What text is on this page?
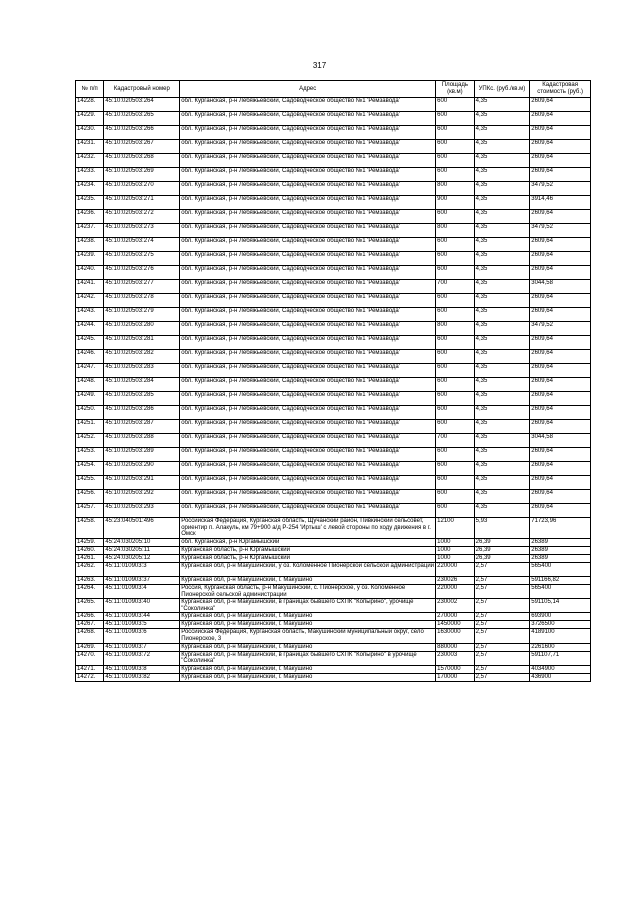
317
№ п/п	Кадастровый номер	Адрес	Площадь (кв.м)	УПКс. (руб./кв.м)	Кадастровая стоимость (руб.)
14228.	45:10:020503:264	обл. Курганская, р-н Лебяжьевский, Садоводческое общество №1 'Ремзавода'	600	4,35	2609,64
14229.	45:10:020503:265	обл. Курганская, р-н Лебяжьевский, Садоводческое общество №1 'Ремзавода'	600	4,35	2609,64
14230.	45:10:020503:266	обл. Курганская, р-н Лебяжьевский, Садоводческое общество №1 'Ремзавода'	600	4,35	2609,64
14231.	45:10:020503:267	обл. Курганская, р-н Лебяжьевский, Садоводческое общество №1 'Ремзавода'	600	4,35	2609,64
14232.	45:10:020503:268	обл. Курганская, р-н Лебяжьевский, Садоводческое общество №1 'Ремзавода'	600	4,35	2609,64
14233.	45:10:020503:269	обл. Курганская, р-н Лебяжьевский, Садоводческое общество №1 'Ремзавода'	600	4,35	2609,64
14234.	45:10:020503:270	обл. Курганская, р-н Лебяжьевский, Садоводческое общество №1 'Ремзавода'	800	4,35	3479,52
14235.	45:10:020503:271	обл. Курганская, р-н Лебяжьевский, Садоводческое общество №1 'Ремзавода'	900	4,35	3914,46
14236.	45:10:020503:272	обл. Курганская, р-н Лебяжьевский, Садоводческое общество №1 'Ремзавода'	600	4,35	2609,64
14237.	45:10:020503:273	обл. Курганская, р-н Лебяжьевский, Садоводческое общество №1 'Ремзавода'	800	4,35	3479,52
14238.	45:10:020503:274	обл. Курганская, р-н Лебяжьевский, Садоводческое общество №1 'Ремзавода'	600	4,35	2609,64
14239.	45:10:020503:275	обл. Курганская, р-н Лебяжьевский, Садоводческое общество №1 'Ремзавода'	600	4,35	2609,64
14240.	45:10:020503:276	обл. Курганская, р-н Лебяжьевский, Садоводческое общество №1 'Ремзавода'	600	4,35	2609,64
14241.	45:10:020503:277	обл. Курганская, р-н Лебяжьевский, Садоводческое общество №1 'Ремзавода'	700	4,35	3044,58
14242.	45:10:020503:278	обл. Курганская, р-н Лебяжьевский, Садоводческое общество №1 'Ремзавода'	600	4,35	2609,64
14243.	45:10:020503:279	обл. Курганская, р-н Лебяжьевский, Садоводческое общество №1 'Ремзавода'	600	4,35	2609,64
14244.	45:10:020503:280	обл. Курганская, р-н Лебяжьевский, Садоводческое общество №1 'Ремзавода'	800	4,35	3479,52
14245.	45:10:020503:281	обл. Курганская, р-н Лебяжьевский, Садоводческое общество №1 'Ремзавода'	600	4,35	2609,64
14246.	45:10:020503:282	обл. Курганская, р-н Лебяжьевский, Садоводческое общество №1 'Ремзавода'	600	4,35	2609,64
14247.	45:10:020503:283	обл. Курганская, р-н Лебяжьевский, Садоводческое общество №1 'Ремзавода'	600	4,35	2609,64
14248.	45:10:020503:284	обл. Курганская, р-н Лебяжьевский, Садоводческое общество №1 'Ремзавода'	600	4,35	2609,64
14249.	45:10:020503:285	обл. Курганская, р-н Лебяжьевский, Садоводческое общество №1 'Ремзавода'	600	4,35	2609,64
14250.	45:10:020503:286	обл. Курганская, р-н Лебяжьевский, Садоводческое общество №1 'Ремзавода'	600	4,35	2609,64
14251.	45:10:020503:287	обл. Курганская, р-н Лебяжьевский, Садоводческое общество №1 'Ремзавода'	600	4,35	2609,64
14252.	45:10:020503:288	обл. Курганская, р-н Лебяжьевский, Садоводческое общество №1 'Ремзавода'	700	4,35	3044,58
14253.	45:10:020503:289	обл. Курганская, р-н Лебяжьевский, Садоводческое общество №1 'Ремзавода'	600	4,35	2609,64
14254.	45:10:020503:290	обл. Курганская, р-н Лебяжьевский, Садоводческое общество №1 'Ремзавода'	600	4,35	2609,64
14255.	45:10:020503:291	обл. Курганская, р-н Лебяжьевский, Садоводческое общество №1 'Ремзавода'	600	4,35	2609,64
14256.	45:10:020503:292	обл. Курганская, р-н Лебяжьевский, Садоводческое общество №1 'Ремзавода'	600	4,35	2609,64
14257.	45:10:020503:293	обл. Курганская, р-н Лебяжьевский, Садоводческое общество №1 'Ремзавода'	600	4,35	2609,64
14258.	45:23:040501:496	Российская Федерация, Курганская область, Щучанский район, Пивкинский сельсовет, ориентир п. Алакуль, км 79+900 а/д Р-254 'Иртыш' с левой стороны по ходу движения в г. Омск	12100	5,93	71723,96
14259.	45:24:030205:10	обл. Курганская, р-н Юргамышский	1000	26,39	26389
14260.	45:24:030205:11	Курганская область, р-н Юргамышский	1000	26,39	26389
14261.	45:24:030205:12	Курганская область, р-н Юргамышский	1000	26,39	26389
14262.	45:11:010903:3	Курганская обл, р-н Макушинский, у оз. Коломенное Пионерской сельской администрации	220000	2,57	565400
14263.	45:11:010903:37	Курганская обл, р-н Макушинский, г. Макушино	230026	2,57	591166,82
14264.	45:11:010903:4	Россия, Курганская область, р-н Макушинский, с. Пионерское, у оз. Коломенное Пионерской сельской администрации	220000	2,57	565400
14265.	45:11:010903:40	Курганская обл, р-н Макушинский, в границах бывшего СХПК "Копырино", урочище "Соколинка"	230002	2,57	591105,14
14266.	45:11:010903:44	Курганская обл, р-н Макушинский, г. Макушино	270000	2,57	693900
14267.	45:11:010903:5	Курганская обл, р-н Макушинский, г. Макушино	1450000	2,57	3726500
14268.	45:11:010903:6	Российская Федерация, Курганская область, Макушинский муниципальный округ, село Пионерское, 3	1630000	2,57	4189100
14269.	45:11:010903:7	Курганская обл, р-н Макушинский, г. Макушино	880000	2,57	2261600
14270.	45:11:010903:72	Курганская обл, р-н Макушинский, в границах бывшего СХПК "Копырино" в урочище "Соколинка"	230003	2,57	591107,71
14271.	45:11:010903:8	Курганская обл, р-н Макушинский, г. Макушино	1570000	2,57	4034900
14272.	45:11:010903:82	Курганская обл, р-н Макушинский, г. Макушино	170000	2,57	436900
